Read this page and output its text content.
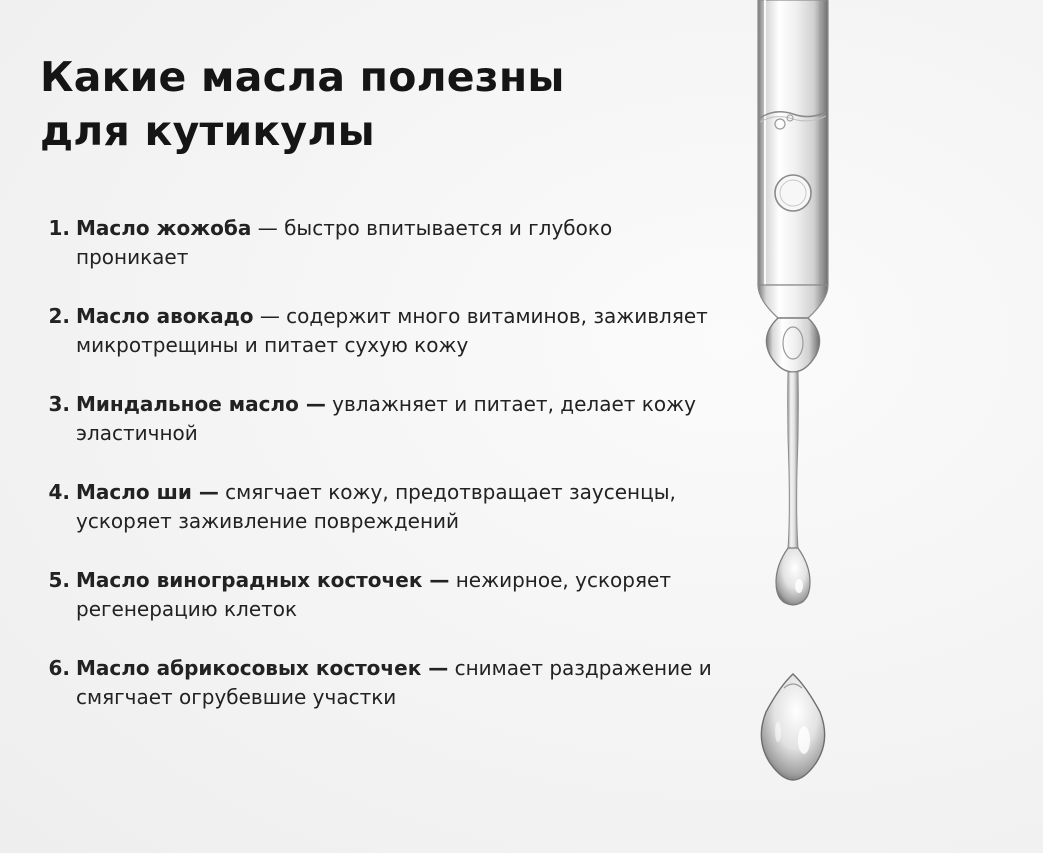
Какие масла полезны
для кутикулы
1. Масло жожоба — быстро впитывается и глубоко проникает
2. Масло авокадо — содержит много витаминов, заживляет микротрещины и питает сухую кожу
3. Миндальное масло — увлажняет и питает, делает кожу эластичной
4. Масло ши — смягчает кожу, предотвращает заусенцы, ускоряет заживление повреждений
5. Масло виноградных косточек — нежирное, ускоряет регенерацию клеток
6. Масло абрикосовых косточек — снимает раздражение и смягчает огрубевшие участки
